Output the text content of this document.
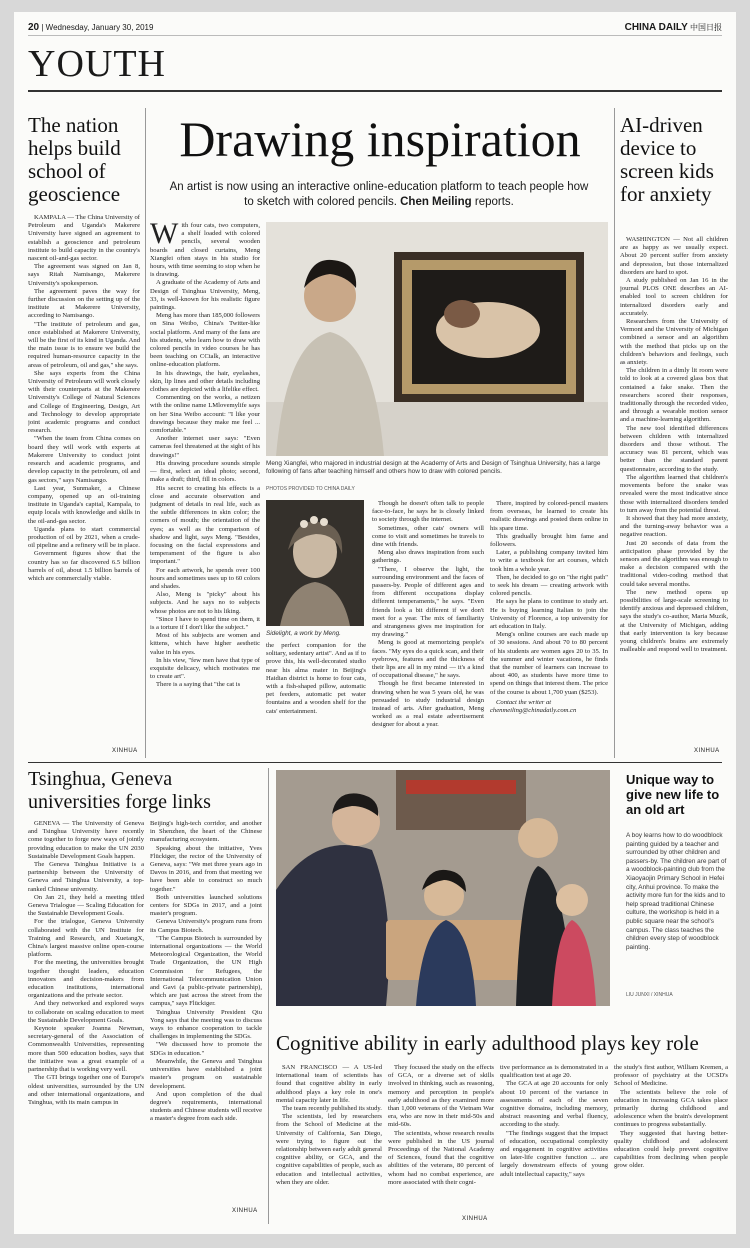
20 | Wednesday, January 30, 2019	CHINA DAILY 中国日报
YOUTH
The nation helps build school of geoscience

KAMPALA — The China University of Petroleum and Uganda's Makerere University have signed an agreement to establish a geoscience and petroleum institute to build capacity in the country's nascent oil-and-gas sector.

The agreement was signed on Jan 8, says Ritah Namisango, Makerere University's spokesperson.

The agreement paves the way for further discussion on the setting up of the institute at Makerere University, according to Namisango.

"The institute of petroleum and gas, once established at Makerere University, will be the first of its kind in Uganda. And the main issue is to ensure we build the required human-resource capacity in the areas of petroleum, oil and gas," she says.

She says experts from the China University of Petroleum will work closely with their counterparts at the Makerere University's College of Natural Sciences and College of Engineering, Design, Art and Technology to develop appropriate joint academic programs and conduct research.

"When the team from China comes on board they will work with experts at Makerere University to conduct joint research and academic programs, and develop capacity in the petroleum, oil and gas sectors," says Namisango.

Last year, Sunmaker, a Chinese company, opened up an oil-training institute in Uganda's capital, Kampala, to equip locals with knowledge and skills in the oil-and-gas sector.

Uganda plans to start commercial production of oil by 2021, when a crude-oil pipeline and a refinery will be in place.

Government figures show that the country has so far discovered 6.5 billion barrels of oil, about 1.5 billion barrels of which are commercially viable.

XINHUA
Drawing inspiration
An artist is now using an interactive online-education platform to teach people how to sketch with colored pencils. Chen Meiling reports.
With four cats, two computers, a shelf loaded with colored pencils, several wooden boards and closed curtains, Meng Xiangfei often stays in his studio for hours, with time seeming to stop when he is drawing.

A graduate of the Academy of Arts and Design of Tsinghua University, Meng, 33, is well-known for his realistic figure paintings.

Meng has more than 185,000 followers on Sina Weibo, China's Twitter-like social platform. And many of the fans are his students, who learn how to draw with colored pencils in video courses he has been teaching on CCtalk, an interactive online-education platform.

In his drawings, the hair, eyelashes, skin, lip lines and other details including clothes are depicted with a lifelike effect.

Commenting on the works, a netizen with the online name LMlovemylife says on her Sina Weibo account: "I like your drawings because they make me feel ... comfortable."

Another internet user says: "Even cameras feel threatened at the sight of his drawings!"

His drawing procedure sounds simple — first, select an ideal photo; second, make a draft; third, fill in colors.

His secret to creating his effects is a close and accurate observation and judgment of details in real life, such as the subtle differences in skin color; the corners of mouth; the orientation of the eyes; as well as the comparison of shadow and light, says Meng. "Besides, focusing on the facial expressions and temperament of the figure is also important."

For each artwork, he spends over 100 hours and sometimes uses up to 60 colors and shades.

Also, Meng is "picky" about his subjects. And he says no to subjects whose photos are not to his liking.

"Since I have to spend time on them, it is a torture if I don't like the subject."

Most of his subjects are women and kittens, which have higher aesthetic value in his eyes.

In his view, "few men have that type of exquisite delicacy, which motivates me to create art".

There is a saying that "the cat is

Meng Xiangfei, who majored in industrial design at the Academy of Arts and Design of Tsinghua University, has a large following of fans after teaching himself and others how to draw with colored pencils.
PHOTOS PROVIDED TO CHINA DAILY
Sidelight, a work by Meng.

the perfect companion for the solitary, sedentary artist". And as if to prove this, his well-decorated studio near his alma mater in Beijing's Haidian district is home to four cats, with a fish-shaped pillow, automatic pet feeders, automatic pet water fountains and a wooden shelf for the cats' entertainment.

Though he doesn't often talk to people face-to-face, he says he is closely linked to society through the internet.

Sometimes, other cats' owners will come to visit and sometimes he travels to dine with friends.

Meng also draws inspiration from such gatherings.

"There, I observe the light, the surrounding environment and the faces of passers-by. People of different ages and from different occupations display different temperaments," he says. "Even friends look a bit different if we don't meet for a year. The mix of familiarity and strangeness gives me inspiration for my drawing."

Meng is good at memorizing people's faces. "My eyes do a quick scan, and their eyebrows, features and the thickness of their lips are all in my mind — it's a kind of occupational disease," he says.

Though he first became interested in drawing when he was 5 years old, he was persuaded to study industrial design instead of arts. After graduation, Meng worked as a real estate advertisement designer for about a year.

There, inspired by colored-pencil masters from overseas, he learned to create his realistic drawings and posted them online in his spare time.

This gradually brought him fame and followers.

Later, a publishing company invited him to write a textbook for art courses, which took him a whole year.

Then, he decided to go on "the right path" to seek his dream — creating artwork with colored pencils.

He says he plans to continue to study art. He is buying learning Italian to join the University of Florence, a top university for art education in Italy.

Meng's online courses are each made up of 30 sessions. And about 70 to 80 percent of his students are women ages 20 to 35. In the summer and winter vacations, he finds that the number of learners can increase to about 400, as students have more time to spend on things that interest them. The price of the course is about 1,700 yuan ($253).

Contact the writer at

chenmeiling@chinadaily.com.cn

AI-driven device to screen kids for anxiety

WASHINGTON — Not all children are as happy as we usually expect. About 20 percent suffer from anxiety and depression, but those internalized disorders are hard to spot.

A study published on Jan 16 in the journal PLOS ONE describes an AI-enabled tool to screen children for internalized disorders early and accurately.

Researchers from the University of Vermont and the University of Michigan combined a sensor and an algorithm with the method that picks up on the children's behaviors and feelings, such as anxiety.

The children in a dimly lit room were told to look at a covered glass box that contained a fake snake. Then the researchers scored their responses, traditionally through the recorded video, and through a wearable motion sensor and a machine-learning algorithm.

The new tool identified differences between children with internalized disorders and those without. The accuracy was 81 percent, which was better than the standard parent questionnaire, according to the study.

The algorithm learned that children's movements before the snake was revealed were the most indicative since those with internalized disorders tended to turn away from the potential threat.

It showed that they had more anxiety, and the turning-away behavior was a negative reaction.

Just 20 seconds of data from the anticipation phase provided by the sensors and the algorithm was enough to make a decision compared with the traditional video-coding method that could take several months.

The new method opens up possibilities of large-scale screening to identify anxious and depressed children, says the study's co-author, Maria Muzik, at the University of Michigan, adding that early intervention is key because young children's brains are extremely malleable and respond well to treatment.

XINHUA
Tsinghua, Geneva universities forge links

GENEVA — The University of Geneva and Tsinghua University have recently come together to forge new ways of jointly providing education to make the UN 2030 Sustainable Development Goals happen.

The Geneva Tsinghua Initiative is a partnership between the University of Geneva and Tsinghua University, a top-ranked Chinese university.

On Jan 21, they held a meeting titled Geneva Trialogue — Scaling Education for the Sustainable Development Goals.

For the trialogue, Geneva University collaborated with the UN Institute for Training and Research, and XuetangX, China's largest massive online open-course platform.

For the meeting, the universities brought together thought leaders, education innovators and decision-makers from education institutions, international organizations and the private sector.

And they networked and explored ways to collaborate on scaling education to meet the Sustainable Development Goals.

Keynote speaker Joanna Newman, secretary-general of the Association of Commonwealth Universities, representing more than 500 education bodies, says that the initiative was a great example of a partnership that is working very well.

The GTI brings together one of Europe's oldest universities, surrounded by the UN and other international organizations, and Tsinghua, with its main campus in

Beijing's high-tech corridor, and another in Shenzhen, the heart of the Chinese manufacturing ecosystem.

Speaking about the initiative, Yves Flückiger, the rector of the University of Geneva, says: "We met three years ago in Davos in 2016, and from that meeting we have been able to construct so much together."

Both universities launched solutions centers for SDGs in 2017, and a joint master's program.

Geneva University's program runs from its Campus Biotech.

"The Campus Biotech is surrounded by international organizations — the World Meteorological Organization, the World Trade Organization, the UN High Commission for Refugees, the International Telecommunication Union and Gavi (a public-private partnership), which are just across the street from the campus," says Flückiger.

Tsinghua University President Qiu Yong says that the meeting was to discuss ways to enhance cooperation to tackle challenges in implementing the SDGs.

"We discussed how to promote the SDGs in education."

Meanwhile, the Geneva and Tsinghua universities have established a joint master's program on sustainable development.

And upon completion of the dual degree's requirements, international students and Chinese students will receive a master's degree from each side.

XINHUA
Unique way to give new life to an old art
A boy learns how to do woodblock painting guided by a teacher and surrounded by other children and passers-by. The children are part of a woodblock-painting club from the Xiaoyaojin Primary School in Hefei city, Anhui province. To make the activity more fun for the kids and to help spread traditional Chinese culture, the workshop is held in a public square near the school's campus. The class teaches the children every step of woodblock painting.
LIU JUNXI / XINHUA
Cognitive ability in early adulthood plays key role

SAN FRANCISCO — A US-led international team of scientists has found that cognitive ability in early adulthood plays a key role in one's mental capacity later in life.

The team recently published its study.

The scientists, led by researchers from the School of Medicine at the University of California, San Diego, were trying to figure out the relationship between early adult general cognitive ability, or GCA, and the cognitive capabilities of people, such as education and intellectual activities, when they are older.

They focused the study on the effects of GCA, or a diverse set of skills involved in thinking, such as reasoning, memory and perception in people's early adulthood as they examined more than 1,000 veterans of the Vietnam War era, who are now in their mid-50s and mid-60s.

The scientists, whose research results were published in the US journal Proceedings of the National Academy of Sciences, found that the cognitive abilities of the veterans, 80 percent of whom had no combat experience, are more associated with their cogni-

tive performance as is demonstrated in a qualification test at age 20.

The GCA at age 20 accounts for only about 10 percent of the variance in assessments of each of the seven cognitive domains, including memory, abstract reasoning and verbal fluency, according to the study.

"The findings suggest that the impact of education, occupational complexity and engagement in cognitive activities on later-life cognitive function ... are largely downstream effects of young adult intellectual capacity," says

the study's first author, William Kremen, a professor of psychiatry at the UCSD's School of Medicine.

The scientists believe the role of education in increasing GCA takes place primarily during childhood and adolescence when the brain's development continues to progress substantially.

They suggested that having better-quality childhood and adolescent education could help prevent cognitive capabilities from declining when people grow older.

XINHUA
